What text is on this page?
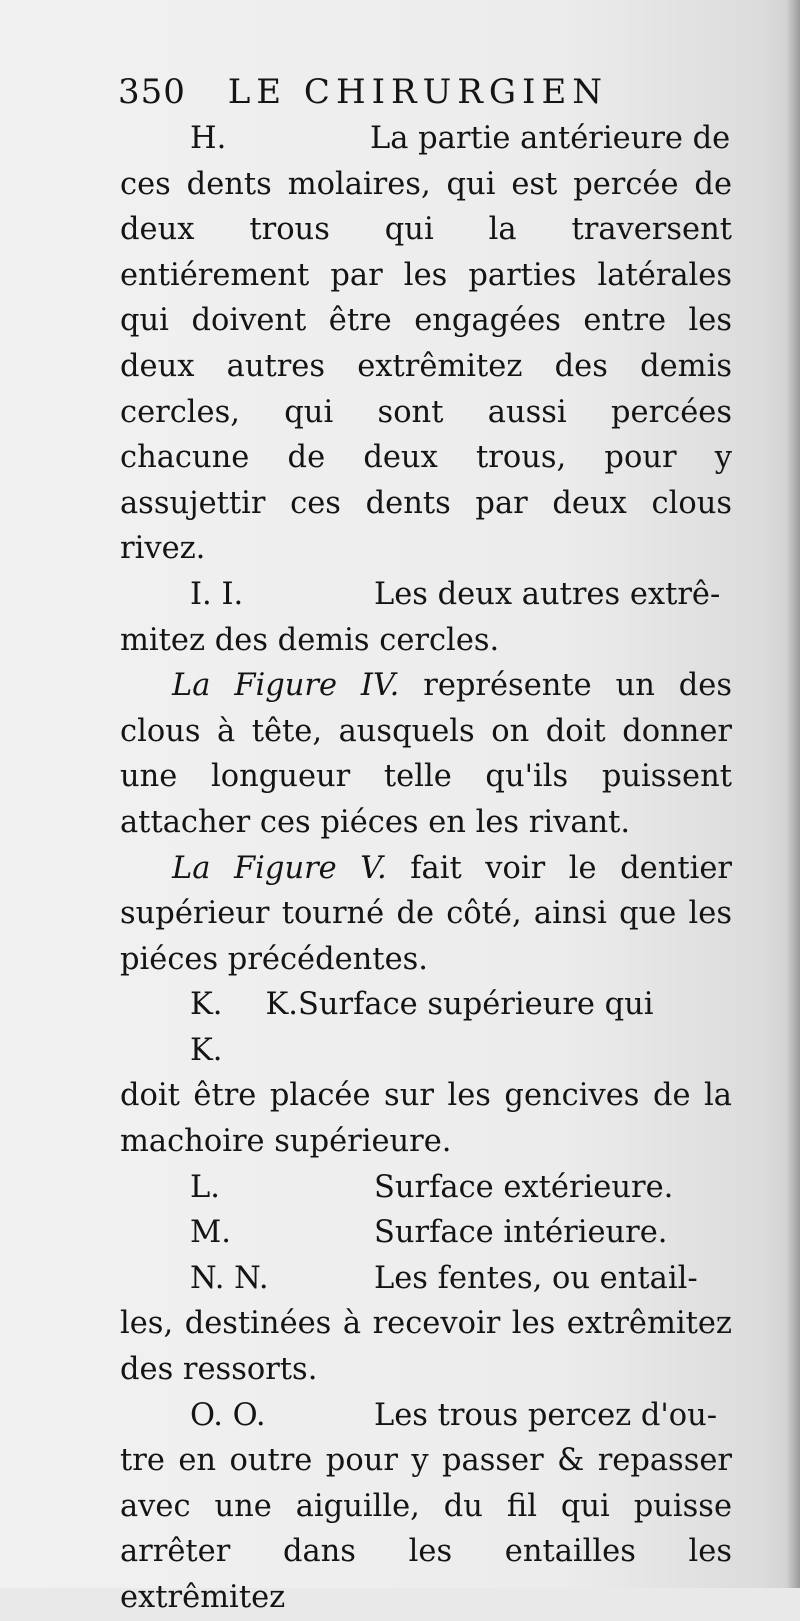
350 LE CHIRURGIEN
H.	La partie antérieure de

ces dents molaires, qui est percée de deux trous qui la traversent entiérement par les parties latérales qui doivent être engagées entre les deux autres extrêmitez des demis cercles, qui sont aussi percées chacune de deux trous, pour y assujettir ces dents par deux clous rivez.

I. I.	Les deux autres extrê-

mitez des demis cercles.

La Figure IV. représente un des clous à tête, ausquels on doit donner une longueur telle qu'ils puissent attacher ces piéces en les rivant.

La Figure V. fait voir le dentier supérieur tourné de côté, ainsi que les piéces précédentes.

K. K. K.
Surface supérieure qui

doit être placée sur les gencives de la machoire supérieure.

L.	Surface extérieure.
M.	Surface intérieure.
N. N.	Les fentes, ou entail-

les, destinées à recevoir les extrêmitez des ressorts.

O. O.	Les trous percez d'ou-

tre en outre pour y passer & repasser avec une aiguille, du fil qui puisse arrêter dans les entailles les extrêmitez
